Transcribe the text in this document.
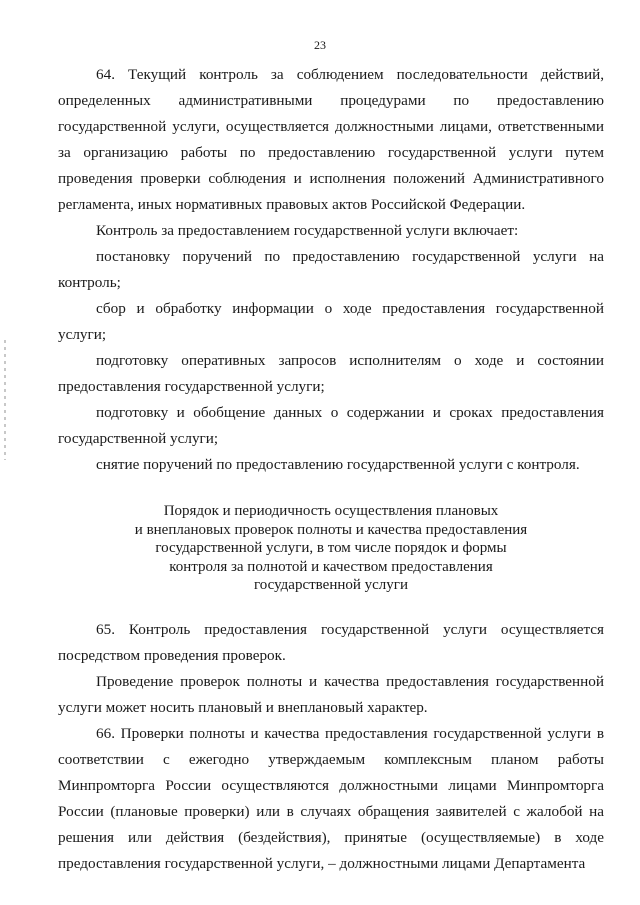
23

64. Текущий контроль за соблюдением последовательности действий, определенных административными процедурами по предоставлению государственной услуги, осуществляется должностными лицами, ответственными за организацию работы по предоставлению государственной услуги путем проведения проверки соблюдения и исполнения положений Административного регламента, иных нормативных правовых актов Российской Федерации.

Контроль за предоставлением государственной услуги включает:

постановку поручений по предоставлению государственной услуги на контроль;

сбор и обработку информации о ходе предоставления государственной услуги;

подготовку оперативных запросов исполнителям о ходе и состоянии предоставления государственной услуги;

подготовку и обобщение данных о содержании и сроках предоставления государственной услуги;

снятие поручений по предоставлению государственной услуги с контроля.

Порядок и периодичность осуществления плановых
и внеплановых проверок полноты и качества предоставления
государственной услуги, в том числе порядок и формы
контроля за полнотой и качеством предоставления
государственной услуги

65. Контроль предоставления государственной услуги осуществляется посредством проведения проверок.

Проведение проверок полноты и качества предоставления государственной услуги может носить плановый и внеплановый характер.

66. Проверки полноты и качества предоставления государственной услуги в соответствии с ежегодно утверждаемым комплексным планом работы Минпромторга России осуществляются должностными лицами Минпромторга России (плановые проверки) или в случаях обращения заявителей с жалобой на решения или действия (бездействия), принятые (осуществляемые) в ходе предоставления государственной услуги, – должностными лицами Департамента
